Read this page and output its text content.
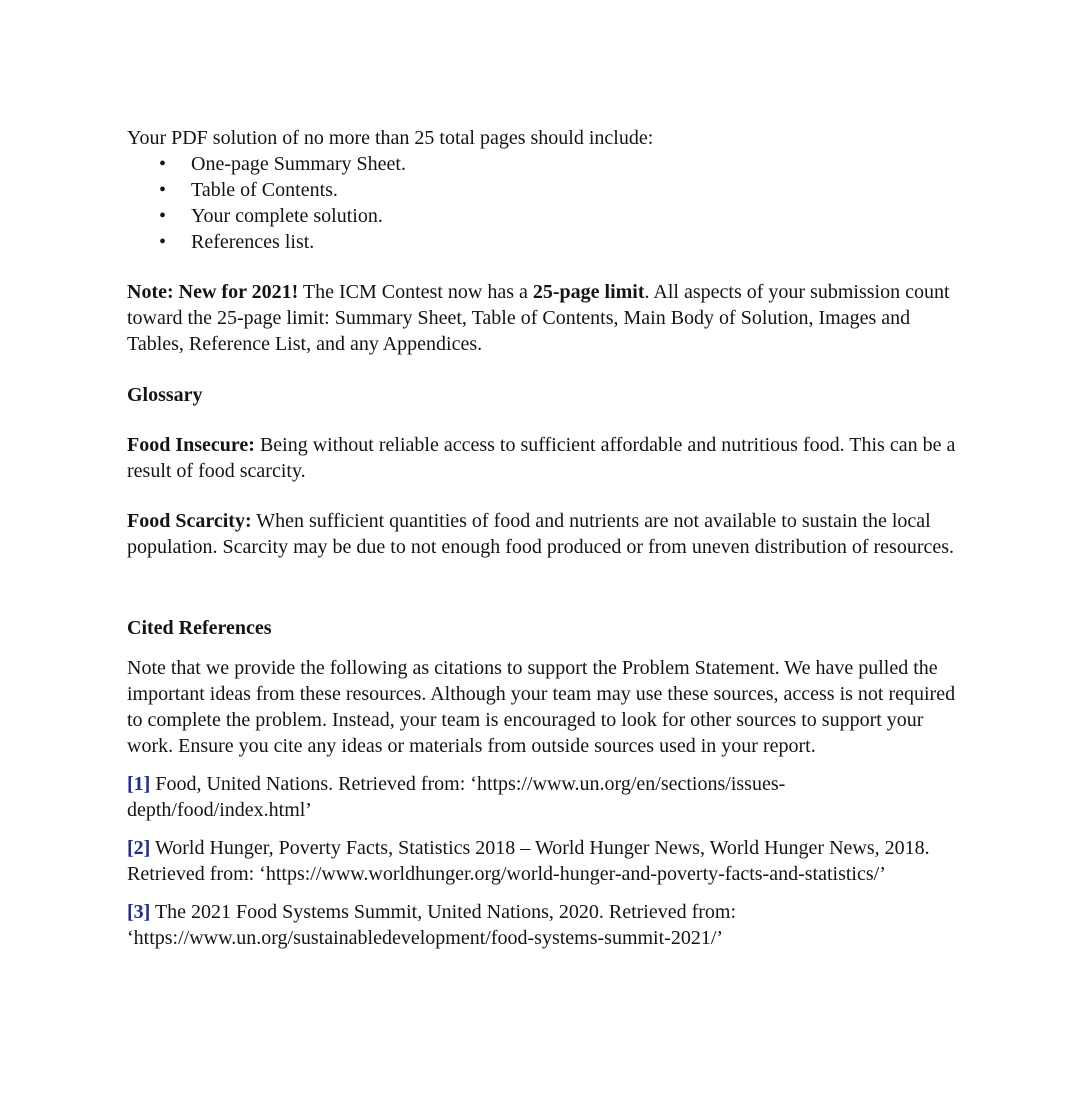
Your PDF solution of no more than 25 total pages should include:

• One-page Summary Sheet.
• Table of Contents.
• Your complete solution.
• References list.

Note: New for 2021! The ICM Contest now has a 25-page limit. All aspects of your submission count toward the 25-page limit: Summary Sheet, Table of Contents, Main Body of Solution, Images and Tables, Reference List, and any Appendices.

Glossary

Food Insecure: Being without reliable access to sufficient affordable and nutritious food. This can be a result of food scarcity.

Food Scarcity: When sufficient quantities of food and nutrients are not available to sustain the local population. Scarcity may be due to not enough food produced or from uneven distribution of resources.

Cited References

Note that we provide the following as citations to support the Problem Statement. We have pulled the important ideas from these resources. Although your team may use these sources, access is not required to complete the problem. Instead, your team is encouraged to look for other sources to support your work. Ensure you cite any ideas or materials from outside sources used in your report.

[1] Food, United Nations. Retrieved from: ‘https://www.un.org/en/sections/issues-depth/food/index.html’

[2] World Hunger, Poverty Facts, Statistics 2018 – World Hunger News, World Hunger News, 2018. Retrieved from: ‘https://www.worldhunger.org/world-hunger-and-poverty-facts-and-statistics/’

[3] The 2021 Food Systems Summit, United Nations, 2020. Retrieved from: ‘https://www.un.org/sustainabledevelopment/food-systems-summit-2021/’
